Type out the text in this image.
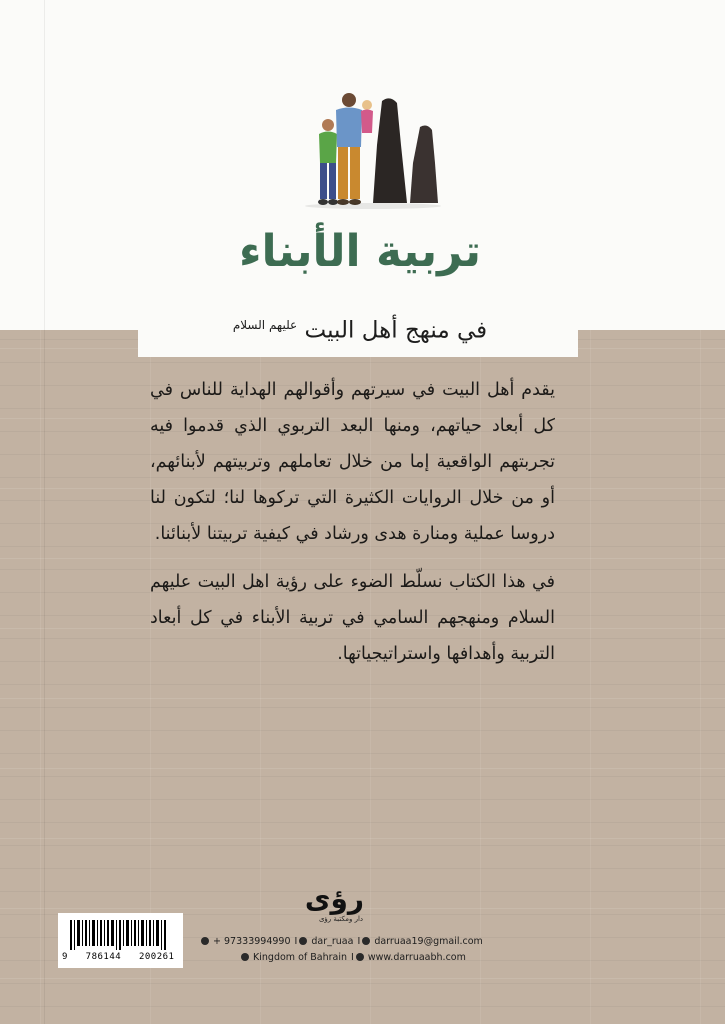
تربية الأبناء

في منهج أهل البيت $^{عليهم السلام}$

يقدم أهل البيت في سيرتهم وأقوالهم الهداية للناس في كل أبعاد حياتهم، ومنها البعد التربوي الذي قدموا فيه تجربتهم الواقعية إما من خلال تعاملهم وتربيتهم لأبنائهم، أو من خلال الروايات الكثيرة التي تركوها لنا؛ لتكون لنا دروسا عملية ومنارة هدى ورشاد في كيفية تربيتنا لأبنائنا.

في هذا الكتاب نسلّط الضوء على رؤية اهل البيت عليهم السلام ومنهجهم السامي في تربية الأبناء في كل أبعاد التربية وأهدافها واستراتيجياتها.

رؤى
دار ومكتبة رؤى
9   786144   200261
+ 97333994990 I dar_ruaa I darruaa19@gmail.com
Kingdom of Bahrain I www.darruaabh.com
